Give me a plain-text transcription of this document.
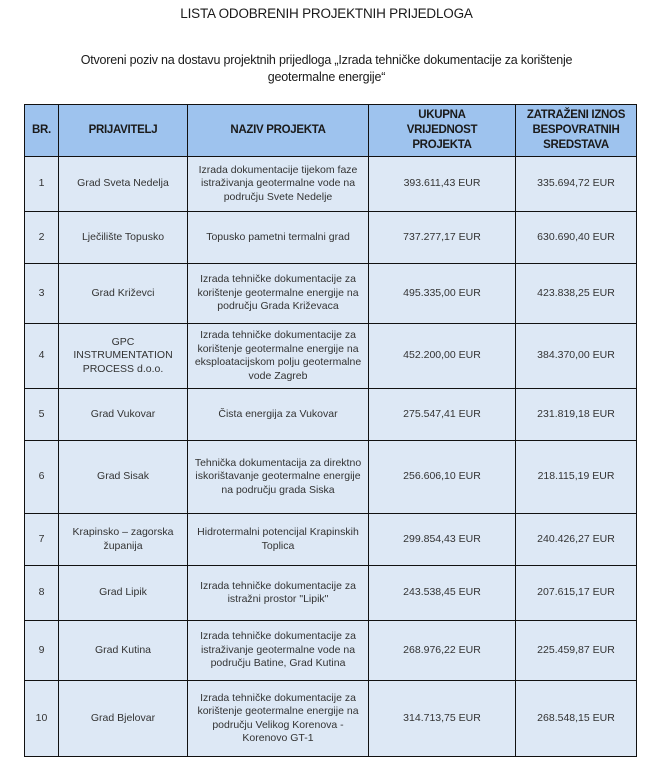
LISTA ODOBRENIH PROJEKTNIH PRIJEDLOGA
Otvoreni poziv na dostavu projektnih prijedloga „Izrada tehničke dokumentacije za korištenje geotermalne energije“
BR.	PRIJAVITELJ	NAZIV PROJEKTA	UKUPNA VRIJEDNOST PROJEKTA	ZATRAŽENI IZNOS BESPOVRATNIH SREDSTAVA
1	Grad Sveta Nedelja	Izrada dokumentacije tijekom faze istraživanja geotermalne vode na području Svete Nedelje	393.611,43 EUR	335.694,72 EUR
2	Lječilište Topusko	Topusko pametni termalni grad	737.277,17 EUR	630.690,40 EUR
3	Grad Križevci	Izrada tehničke dokumentacije za korištenje geotermalne energije na području Grada Križevaca	495.335,00 EUR	423.838,25 EUR
4	GPC INSTRUMENTATION PROCESS d.o.o.	Izrada tehničke dokumentacije za korištenje geotermalne energije na eksploatacijskom polju geotermalne vode Zagreb	452.200,00 EUR	384.370,00 EUR
5	Grad Vukovar	Čista energija za Vukovar	275.547,41 EUR	231.819,18 EUR
6	Grad Sisak	Tehnička dokumentacija za direktno iskorištavanje geotermalne energije na području grada Siska	256.606,10 EUR	218.115,19 EUR
7	Krapinsko – zagorska županija	Hidrotermalni potencijal Krapinskih Toplica	299.854,43 EUR	240.426,27 EUR
8	Grad Lipik	Izrada tehničke dokumentacije za istražni prostor "Lipik"	243.538,45 EUR	207.615,17 EUR
9	Grad Kutina	Izrada tehničke dokumentacije za istraživanje geotermalne vode na području Batine, Grad Kutina	268.976,22 EUR	225.459,87 EUR
10	Grad Bjelovar	Izrada tehničke dokumentacije za korištenje geotermalne energije na području Velikog Korenova - Korenovo GT-1	314.713,75 EUR	268.548,15 EUR
